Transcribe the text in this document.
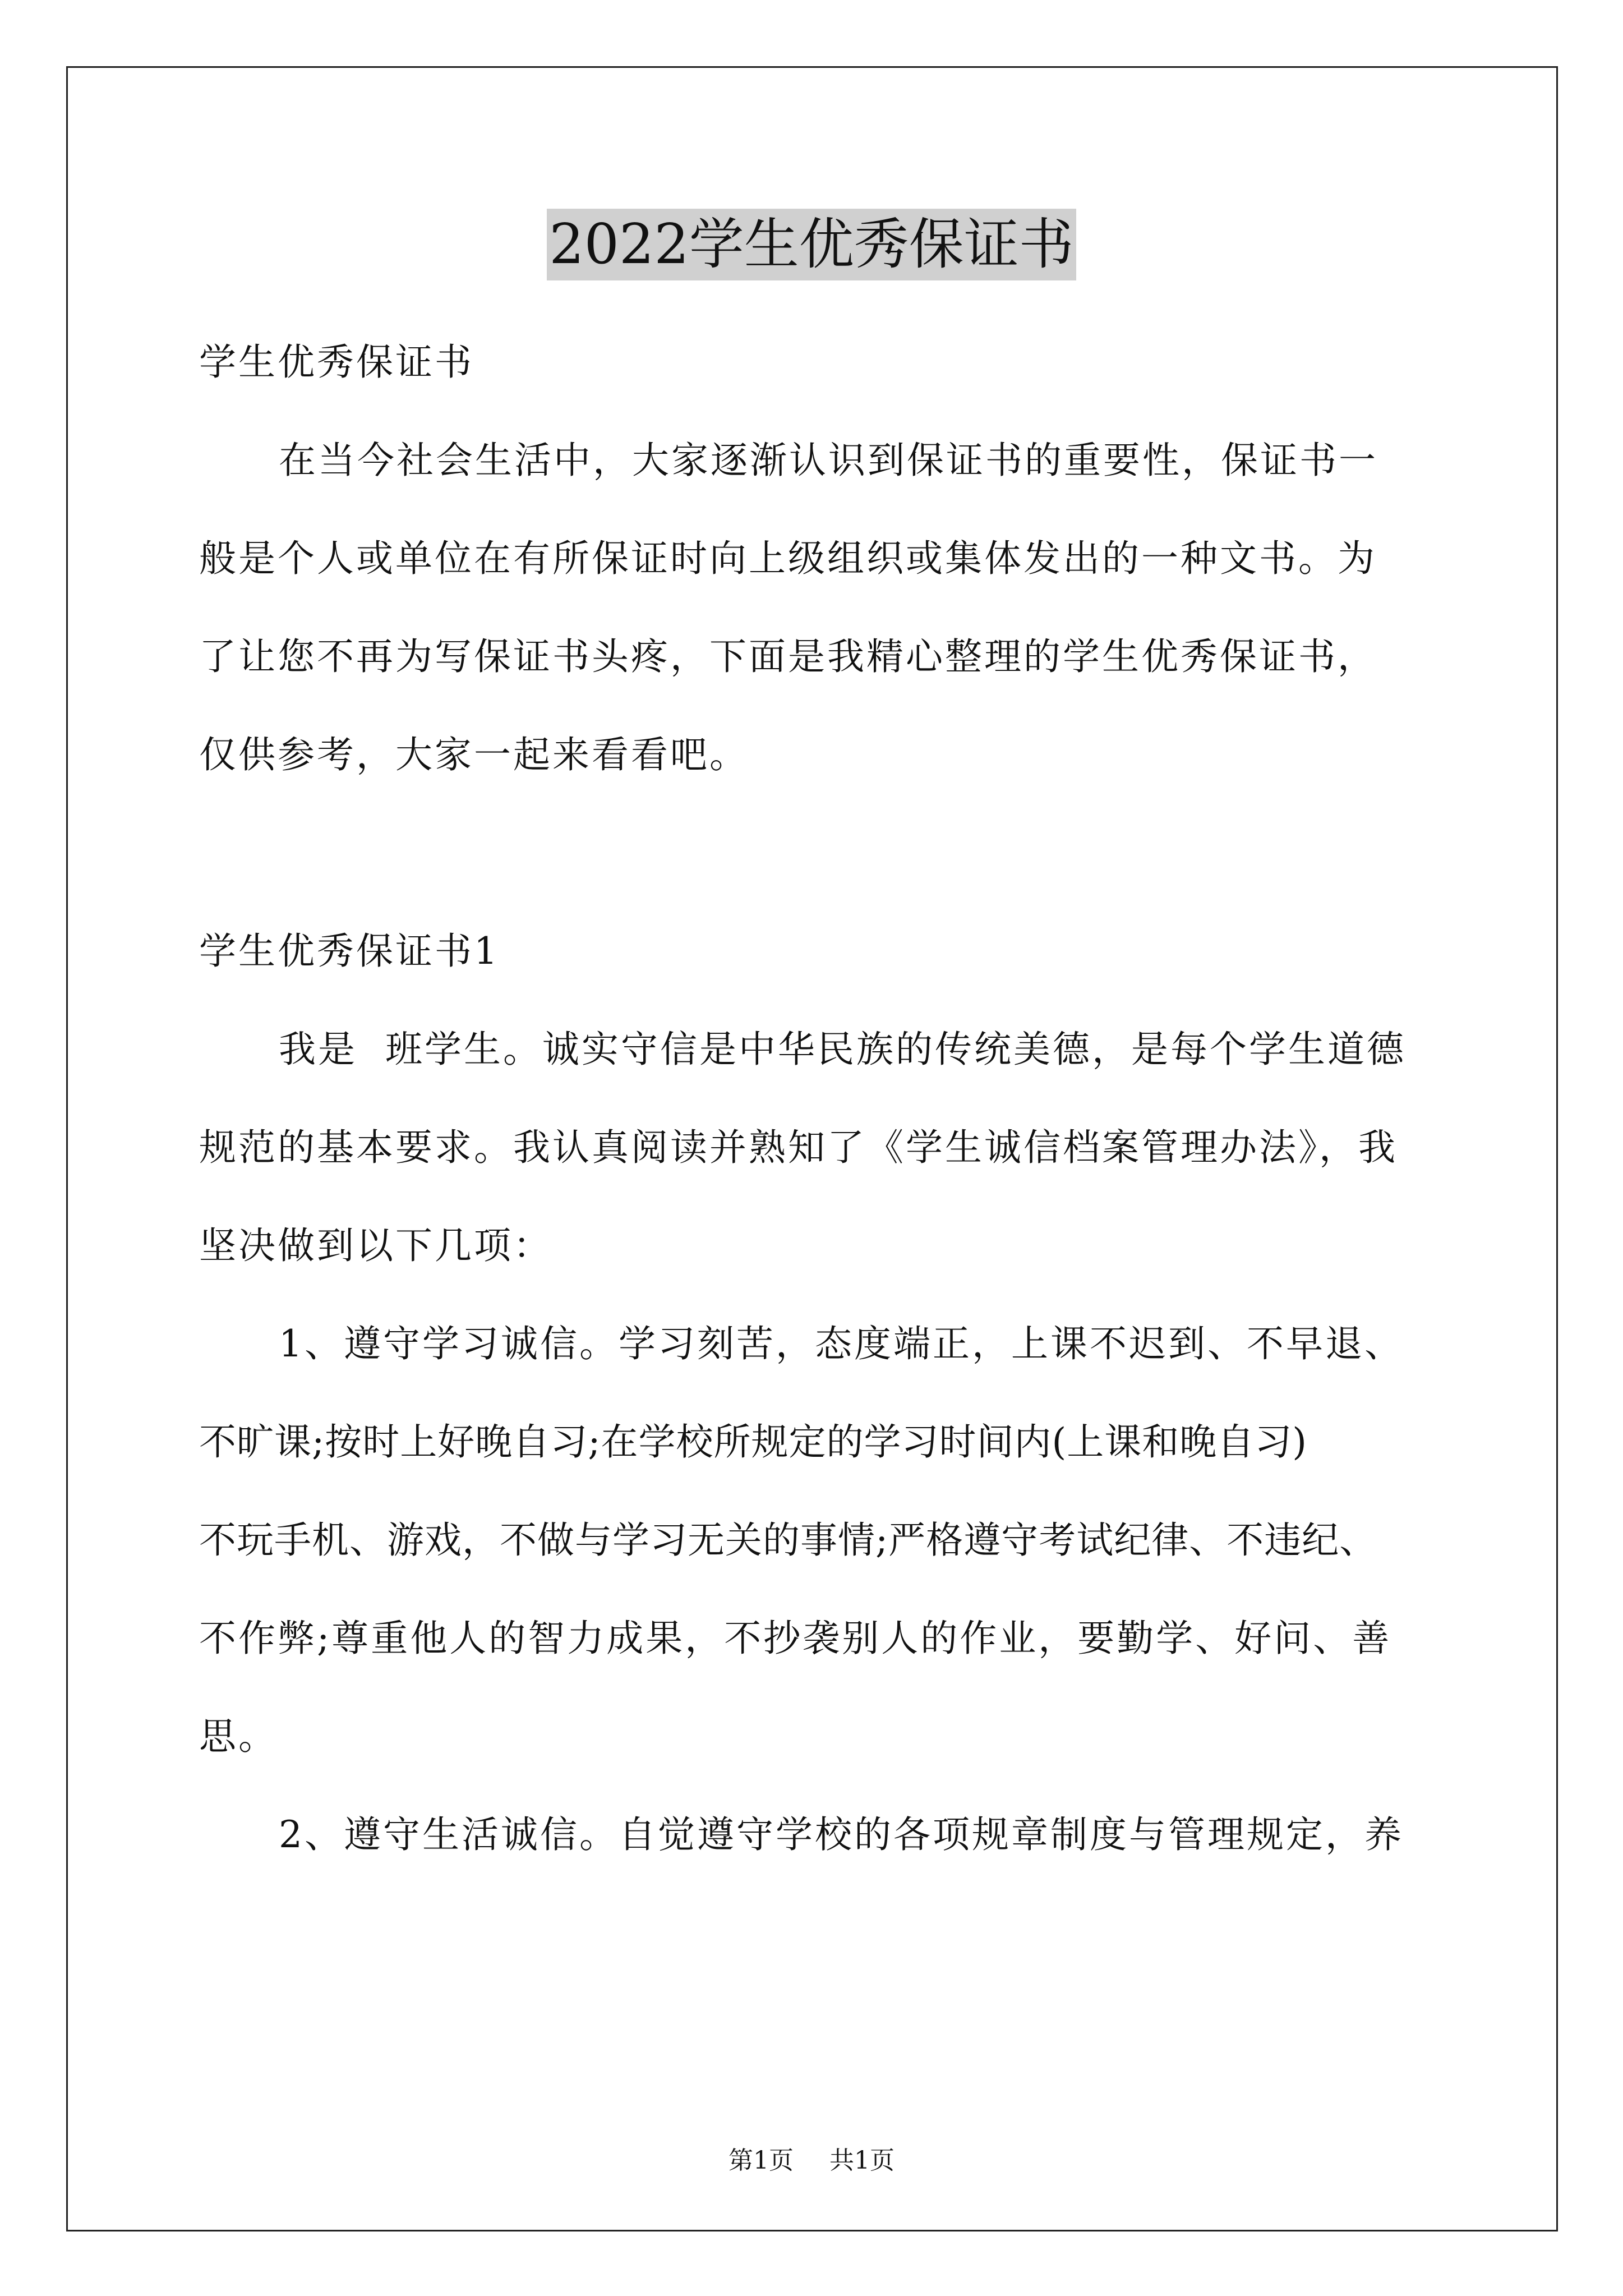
2022学生优秀保证书
学生优秀保证书
在当今社会生活中，大家逐渐认识到保证书的重要性，保证书一
般是个人或单位在有所保证时向上级组织或集体发出的一种文书。为
了让您不再为写保证书头疼，下面是我精心整理的学生优秀保证书，
仅供参考，大家一起来看看吧。
学生优秀保证书1
我是  班学生。诚实守信是中华民族的传统美德，是每个学生道德
规范的基本要求。我认真阅读并熟知了《学生诚信档案管理办法》，我
坚决做到以下几项：
1、遵守学习诚信。学习刻苦，态度端正，上课不迟到、不早退、
不旷课;按时上好晚自习;在学校所规定的学习时间内(上课和晚自习)
不玩手机、游戏，不做与学习无关的事情;严格遵守考试纪律、不违纪、
不作弊;尊重他人的智力成果，不抄袭别人的作业，要勤学、好问、善
思。
2、遵守生活诚信。自觉遵守学校的各项规章制度与管理规定，养
第1页 共1页
